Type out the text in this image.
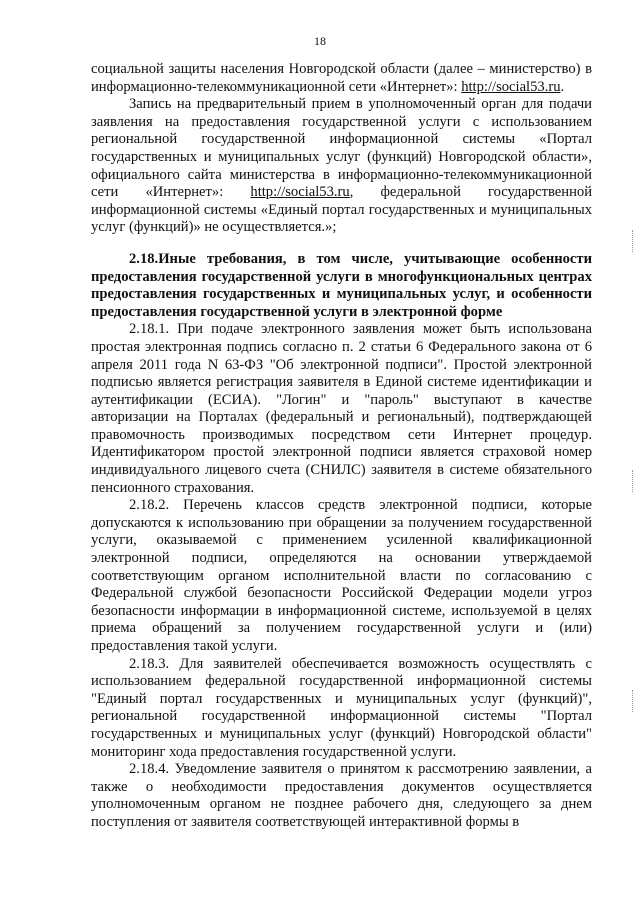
18

социальной защиты населения Новгородской области (далее – министерство) в информационно-телекоммуникационной сети «Интернет»: http://social53.ru.

Запись на предварительный прием в уполномоченный орган для подачи заявления на предоставления государственной услуги с использованием региональной государственной информационной системы «Портал государственных и муниципальных услуг (функций) Новгородской области», официального сайта министерства в информационно-телекоммуникационной сети «Интернет»: http://social53.ru, федеральной государственной информационной системы «Единый портал государственных и муниципальных услуг (функций)» не осуществляется.»;

2.18.Иные требования, в том числе, учитывающие особенности предоставления государственной услуги в многофункциональных центрах предоставления государственных и муниципальных услуг, и особенности предоставления государственной услуги в электронной форме

2.18.1. При подаче электронного заявления может быть использована простая электронная подпись согласно п. 2 статьи 6 Федерального закона от 6 апреля 2011 года N 63-ФЗ "Об электронной подписи". Простой электронной подписью является регистрация заявителя в Единой системе идентификации и аутентификации (ЕСИА). "Логин" и "пароль" выступают в качестве авторизации на Порталах (федеральный и региональный), подтверждающей правомочность производимых посредством сети Интернет процедур. Идентификатором простой электронной подписи является страховой номер индивидуального лицевого счета (СНИЛС) заявителя в системе обязательного пенсионного страхования.

2.18.2. Перечень классов средств электронной подписи, которые допускаются к использованию при обращении за получением государственной услуги, оказываемой с применением усиленной квалификационной электронной подписи, определяются на основании утверждаемой соответствующим органом исполнительной власти по согласованию с Федеральной службой безопасности Российской Федерации модели угроз безопасности информации в информационной системе, используемой в целях приема обращений за получением государственной услуги и (или) предоставления такой услуги.

2.18.3. Для заявителей обеспечивается возможность осуществлять с использованием федеральной государственной информационной системы "Единый портал государственных и муниципальных услуг (функций)", региональной государственной информационной системы "Портал государственных и муниципальных услуг (функций) Новгородской области" мониторинг хода предоставления государственной услуги.

2.18.4. Уведомление заявителя о принятом к рассмотрению заявлении, а также о необходимости предоставления документов осуществляется уполномоченным органом не позднее рабочего дня, следующего за днем поступления от заявителя соответствующей интерактивной формы в
